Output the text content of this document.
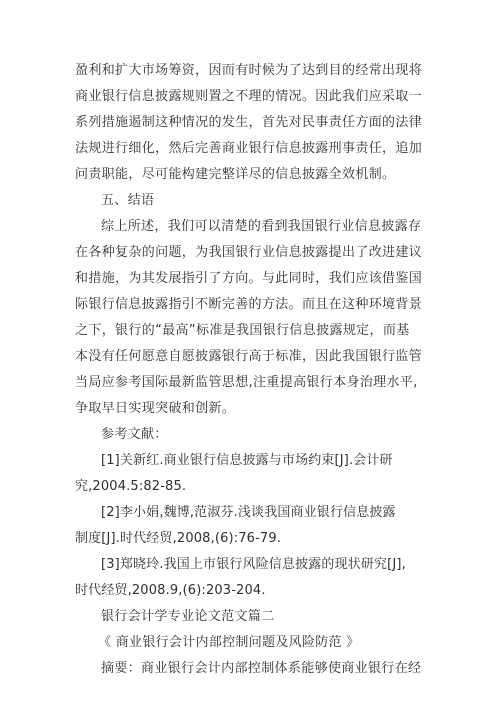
盈利和扩大市场筹资，因而有时候为了达到目的经常出现将
商业银行信息披露规则置之不理的情况。因此我们应采取一
系列措施遏制这种情况的发生，首先对民事责任方面的法律
法规进行细化，然后完善商业银行信息披露刑事责任，追加
问责职能，尽可能构建完整详尽的信息披露全效机制。
五、结语
综上所述，我们可以清楚的看到我国银行业信息披露存
在各种复杂的问题，为我国银行业信息披露提出了改进建议
和措施，为其发展指引了方向。与此同时，我们应该借鉴国
际银行信息披露指引不断完善的方法。而且在这种环境背景
之下，银行的“最高”标准是我国银行信息披露规定，而基
本没有任何愿意自愿披露银行高于标准，因此我国银行监管
当局应参考国际最新监管思想,注重提高银行本身治理水平,
争取早日实现突破和创新。
参考文献：
[1]关新红.商业银行信息披露与市场约束[J].会计研
究,2004.5:82-85.
[2]李小娟,魏博,范淑芬.浅谈我国商业银行信息披露
制度[J].时代经贸,2008,(6):76-79.
[3]郑晓玲.我国上市银行风险信息披露的现状研究[J],
时代经贸,2008.9,(6):203-204.
银行会计学专业论文范文篇二
《 商业银行会计内部控制问题及风险防范 》
摘要：商业银行会计内部控制体系能够使商业银行在经
